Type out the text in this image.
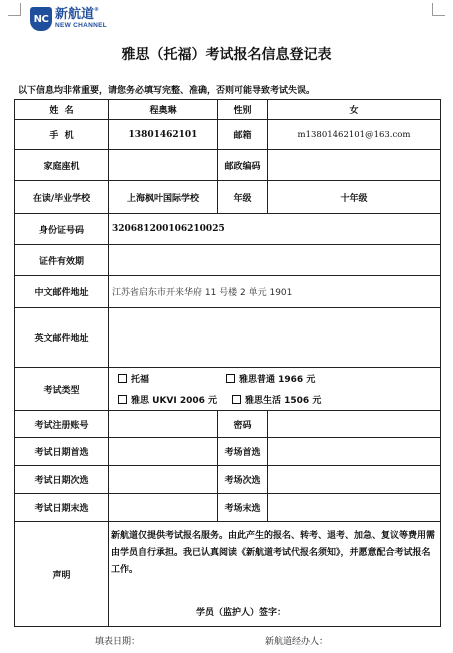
NC 新航道®
NEW CHANNEL
雅思（托福）考试报名信息登记表
以下信息均非常重要，请您务必填写完整、准确，否则可能导致考试失误。
姓  名	程奥琳	性别	女
手  机	13801462101	邮箱	m13801462101@163.com
家庭座机		邮政编码	
在读/毕业学校	上海枫叶国际学校	年级	十年级
身份证号码	320681200106210025		
证件有效期			
中文邮件地址	江苏省启东市开来华府 11 号楼 2 单元 1901		
英文邮件地址			
考试类型	托福 雅思普通 1966 元
雅思 UKVI 2006 元 雅思生活 1506 元		

考试注册账号		密码	
考试日期首选		考场首选	
考试日期次选		考场次选	
考试日期末选		考场末选	
声明	新航道仅提供考试报名服务。由此产生的报名、转考、退考、加急、复议等费用需由学员自行承担。我已认真阅读《新航道考试代报名须知》，并愿意配合考试报名工作。
学员（监护人）签字：		
填表日期：	新航道经办人：
